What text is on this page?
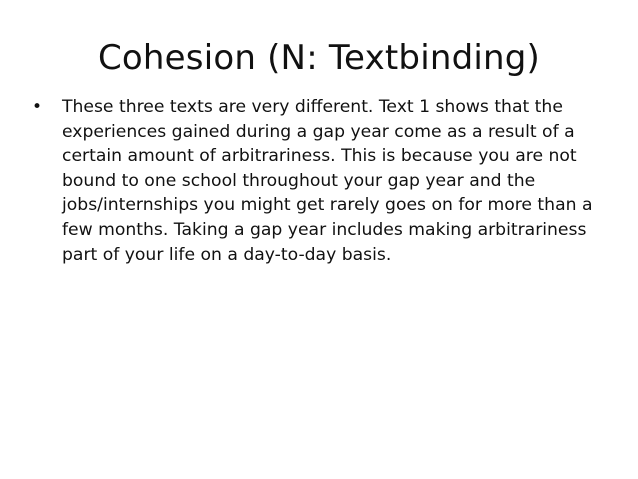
Cohesion (N: Textbinding)
•	These three texts are very different. Text 1 shows that the
experiences gained during a gap year come as a result of a
certain amount of arbitrariness. This is because you are not
bound to one school throughout your gap year and the
jobs/internships you might get rarely goes on for more than a
few months. Taking a gap year includes making arbitrariness
part of your life on a day-to-day basis.
